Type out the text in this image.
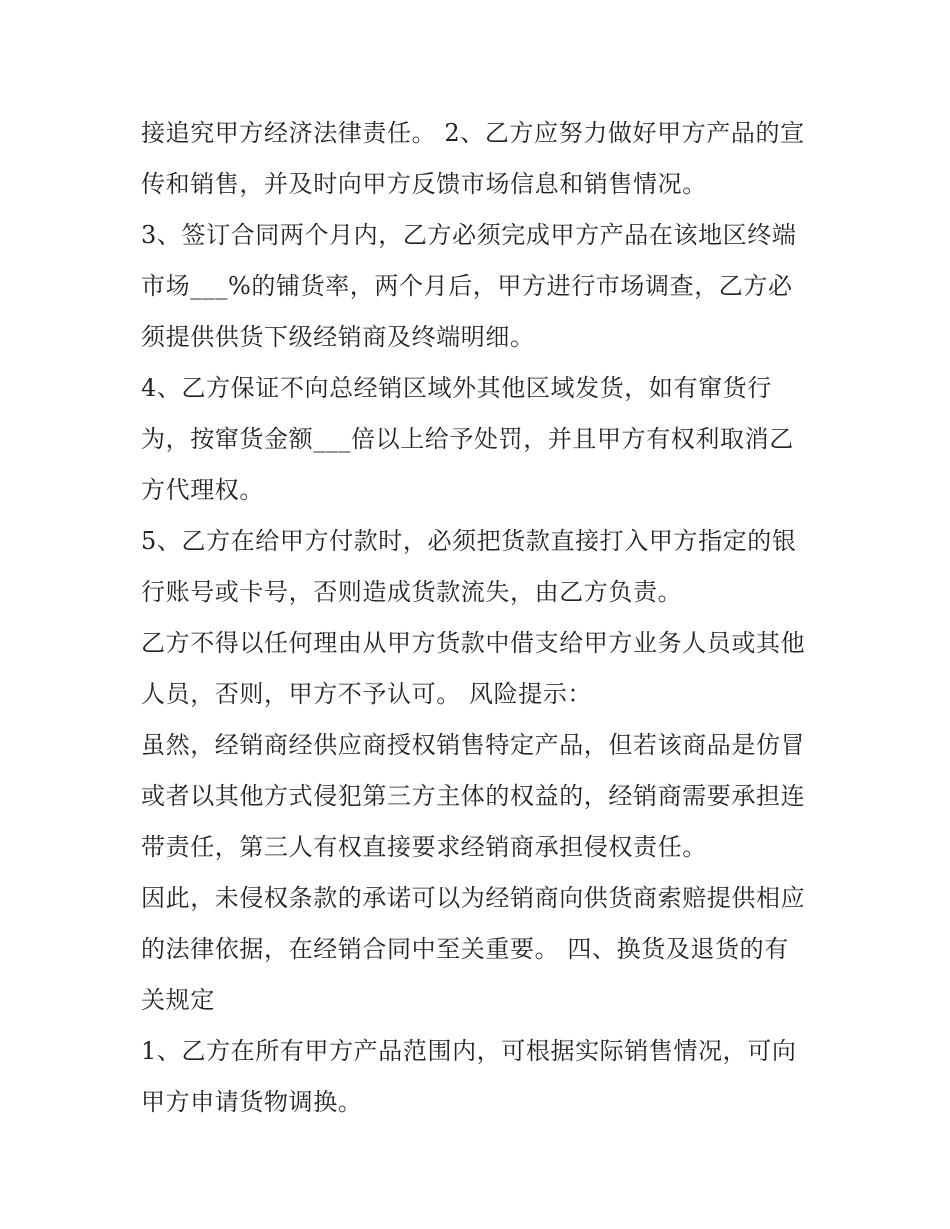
接追究甲方经济法律责任。 2、乙方应努力做好甲方产品的宣
传和销售，并及时向甲方反馈市场信息和销售情况。
3、签订合同两个月内，乙方必须完成甲方产品在该地区终端
市场___%的铺货率，两个月后，甲方进行市场调查，乙方必
须提供供货下级经销商及终端明细。
4、乙方保证不向总经销区域外其他区域发货，如有窜货行
为，按窜货金额___倍以上给予处罚，并且甲方有权利取消乙
方代理权。
5、乙方在给甲方付款时，必须把货款直接打入甲方指定的银
行账号或卡号，否则造成货款流失，由乙方负责。
乙方不得以任何理由从甲方货款中借支给甲方业务人员或其他
人员，否则，甲方不予认可。 风险提示：
虽然，经销商经供应商授权销售特定产品，但若该商品是仿冒
或者以其他方式侵犯第三方主体的权益的，经销商需要承担连
带责任，第三人有权直接要求经销商承担侵权责任。
因此，未侵权条款的承诺可以为经销商向供货商索赔提供相应
的法律依据，在经销合同中至关重要。 四、换货及退货的有
关规定
1、乙方在所有甲方产品范围内，可根据实际销售情况，可向
甲方申请货物调换。
